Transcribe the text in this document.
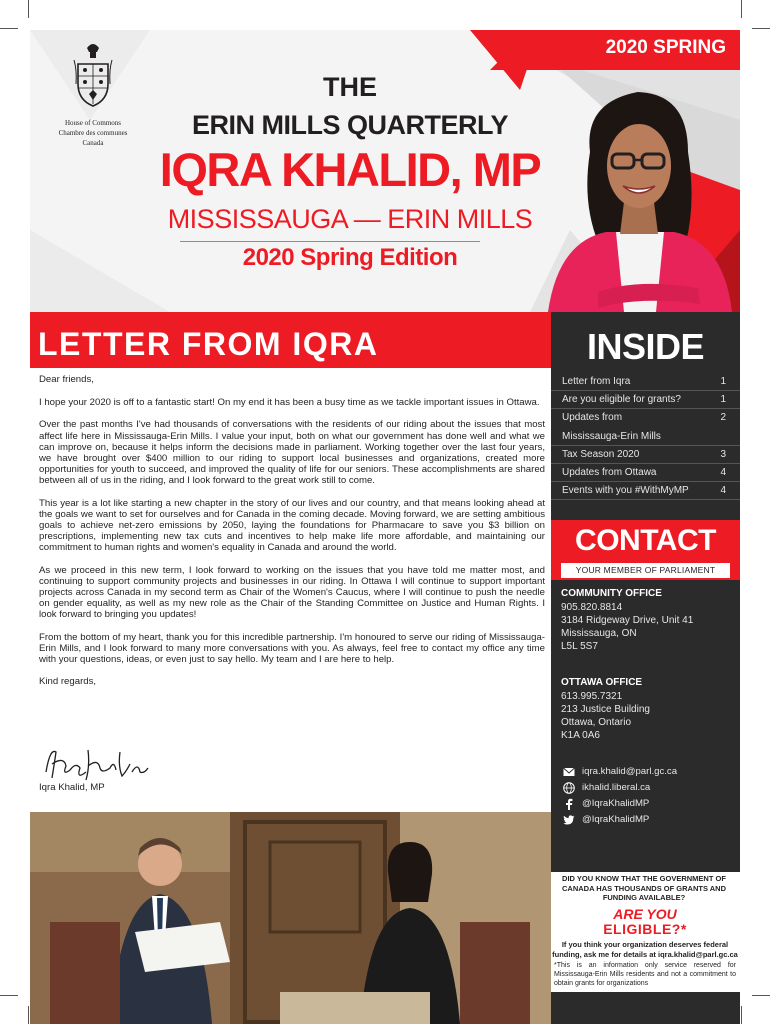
2020 SPRING
House of Commons
Chambre des communes
Canada
THE
ERIN MILLS QUARTERLY
IQRA KHALID, MP
MISSISSAUGA — ERIN MILLS
2020 Spring Edition
LETTER FROM IQRA

Dear friends,

I hope your 2020 is off to a fantastic start! On my end it has been a busy time as we tackle important issues in Ottawa.

Over the past months I've had thousands of conversations with the residents of our riding about the issues that most affect life here in Mississauga-Erin Mills. I value your input, both on what our government has done well and what we can improve on, because it helps inform the decisions made in parliament. Working together over the last four years, we have brought over $400 million to our riding to support local businesses and organizations, created more opportunities for youth to succeed, and improved the quality of life for our seniors. These accomplishments are shared between all of us in the riding, and I look forward to the great work still to come.

This year is a lot like starting a new chapter in the story of our lives and our country, and that means looking ahead at the goals we want to set for ourselves and for Canada in the coming decade. Moving forward, we are setting ambitious goals to achieve net-zero emissions by 2050, laying the foundations for Pharmacare to save you $3 billion on prescriptions, implementing new tax cuts and incentives to help make life more affordable, and maintaining our commitment to human rights and women's equality in Canada and around the world.

As we proceed in this new term, I look forward to working on the issues that you have told me matter most, and continuing to support community projects and businesses in our riding. In Ottawa I will continue to support important projects across Canada in my second term as Chair of the Women's Caucus, where I will continue to push the needle on gender equality, as well as my new role as the Chair of the Standing Committee on Justice and Human Rights. I look forward to bringing you updates!

From the bottom of my heart, thank you for this incredible partnership. I'm honoured to serve our riding of Mississauga-Erin Mills, and I look forward to many more conversations with you. As always, feel free to contact my office any time with your questions, ideas, or even just to say hello. My team and I are here to help.

Kind regards,

Iqra Khalid, MP
INSIDE
Letter from Iqra	1
Are you eligible for grants?	1
Updates from	2
Mississauga-Erin Mills
Tax Season 2020	3
Updates from Ottawa	4
Events with you #WithMyMP	4
CONTACT
YOUR MEMBER OF PARLIAMENT
COMMUNITY OFFICE
905.820.8814
3184 Ridgeway Drive, Unit 41
Mississauga, ON
L5L 5S7
OTTAWA OFFICE
613.995.7321
213 Justice Building
Ottawa, Ontario
K1A 0A6
iqra.khalid@parl.gc.ca
ikhalid.liberal.ca
@IqraKhalidMP
@IqraKhalidMP
DID YOU KNOW THAT THE GOVERNMENT OF CANADA HAS THOUSANDS OF GRANTS AND FUNDING AVAILABLE?
ARE YOU
ELIGIBLE?*
If you think your organization deserves federal funding, ask me for details at iqra.khalid@parl.gc.ca
*This is an information only service reserved for Mississauga-Erin Mills residents and not a commitment to obtain grants for organizations
